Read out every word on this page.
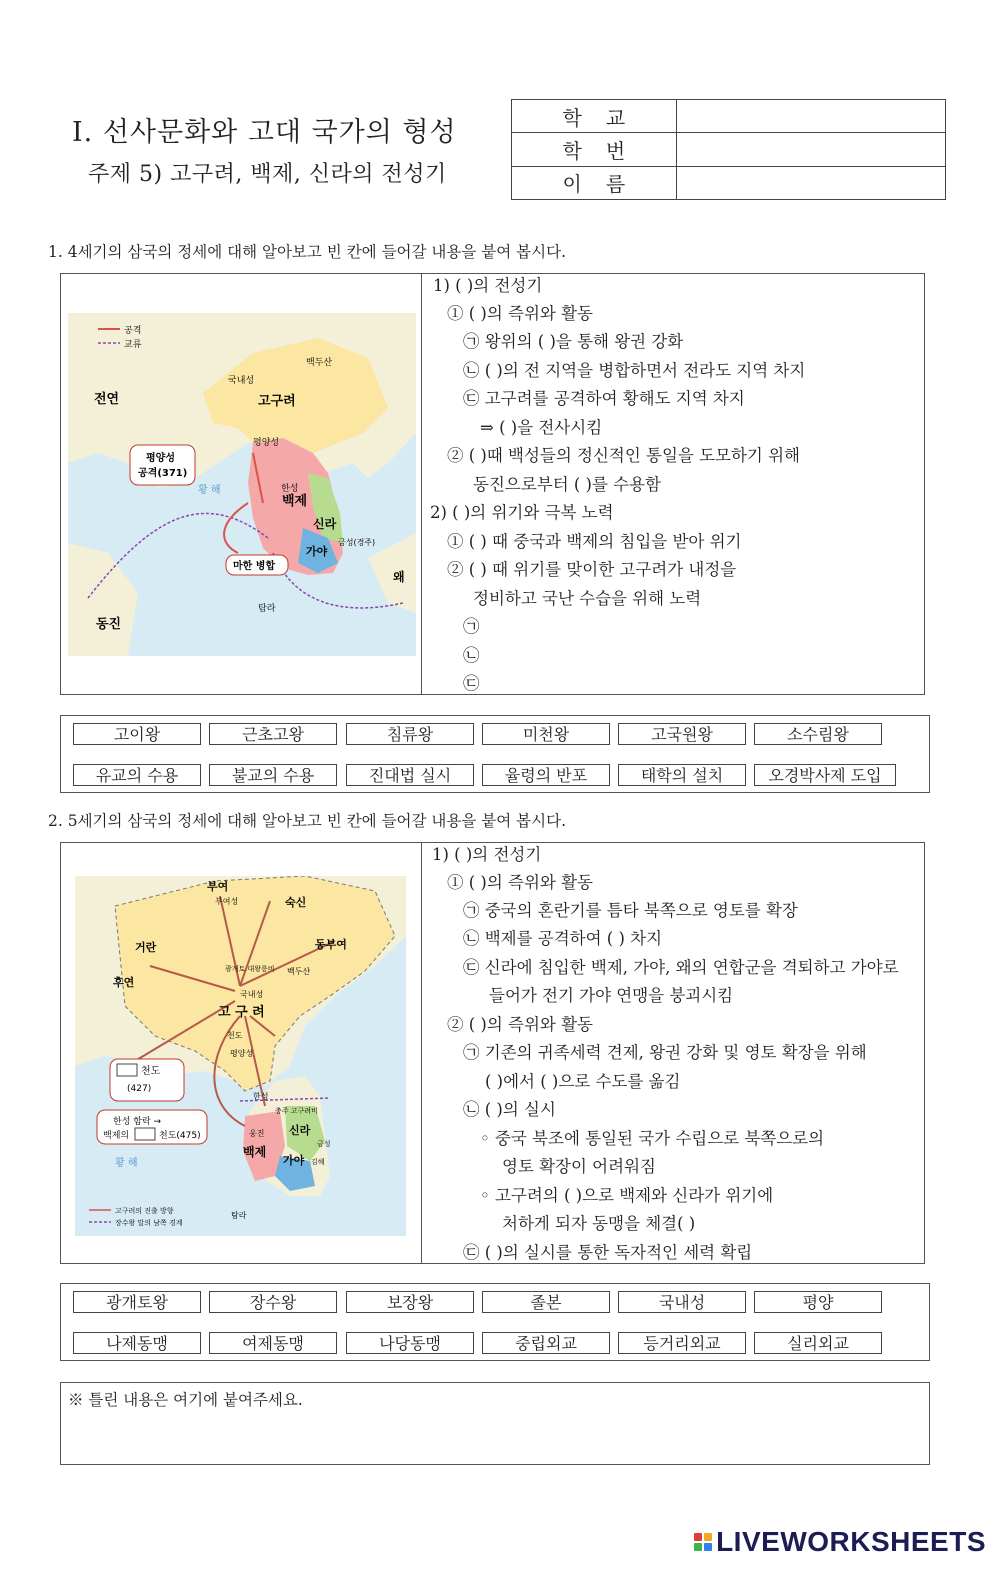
Ⅰ. 선사문화와 고대 국가의 형성
주제 5) 고구려, 백제, 신라의 전성기
학교	

학번	

이름	
1. 4세기의 삼국의 정세에 대해 알아보고 빈 칸에 들어갈 내용을 붙여 봅시다.
공격
교류
백두산
국내성
고구려
전연
평양성
평양성
공격(371)
한성
백제
신라
가야
금성(경주)
황 해
마한 병합
왜
탐라
동진
1) ( )의 전성기
① ( )의 즉위와 활동
㉠ 왕위의 ( )을 통해 왕권 강화
㉡ ( )의 전 지역을 병합하면서 전라도 지역 차지
㉢ 고구려를 공격하여 황해도 지역 차지
⇒ ( )을 전사시킴
② ( )때 백성들의 정신적인 통일을 도모하기 위해
동진으로부터 ( )를 수용함
2) ( )의 위기와 극복 노력
① ( ) 때 중국과 백제의 침입을 받아 위기
② ( ) 때 위기를 맞이한 고구려가 내정을
정비하고 국난 수습을 위해 노력
㉠
㉡
㉢
고이왕	근초고왕	침류왕	미천왕	고국원왕	소수림왕
유교의 수용	불교의 수용	진대법 실시	율령의 반포	태학의 설치	오경박사제 도입
2. 5세기의 삼국의 정세에 대해 알아보고 빈 칸에 들어갈 내용을 붙여 봅시다.
부여
부여성	숙신
거란	동부여
후연
광개토 대왕릉비 백두산
국내성
고 구 려
천도
평양성
천도
(427)
한성 함락 →
백제의	천도(475)
한성
충주 고구려비
웅진 신라
백제
가야
금성
김해
황 해
고구려의 진출 방향
장수왕 말의 남쪽 경계
탐라
1) ( )의 전성기
① ( )의 즉위와 활동
㉠ 중국의 혼란기를 틈타 북쪽으로 영토를 확장
㉡ 백제를 공격하여 ( ) 차지
㉢ 신라에 침입한 백제, 가야, 왜의 연합군을 격퇴하고 가야로
들어가 전기 가야 연맹을 붕괴시킴
② ( )의 즉위와 활동
㉠ 기존의 귀족세력 견제, 왕권 강화 및 영토 확장을 위해
( )에서 ( )으로 수도를 옮김
㉡ ( )의 실시
◦ 중국 북조에 통일된 국가 수립으로 북쪽으로의
영토 확장이 어려워짐
◦ 고구려의 ( )으로 백제와 신라가 위기에
처하게 되자 동맹을 체결( )
㉢ ( )의 실시를 통한 독자적인 세력 확립
광개토왕	장수왕	보장왕	졸본	국내성	평양
나제동맹	여제동맹	나당동맹	중립외교	등거리외교	실리외교
※ 틀린 내용은 여기에 붙여주세요.
LIVEWORKSHEETS
